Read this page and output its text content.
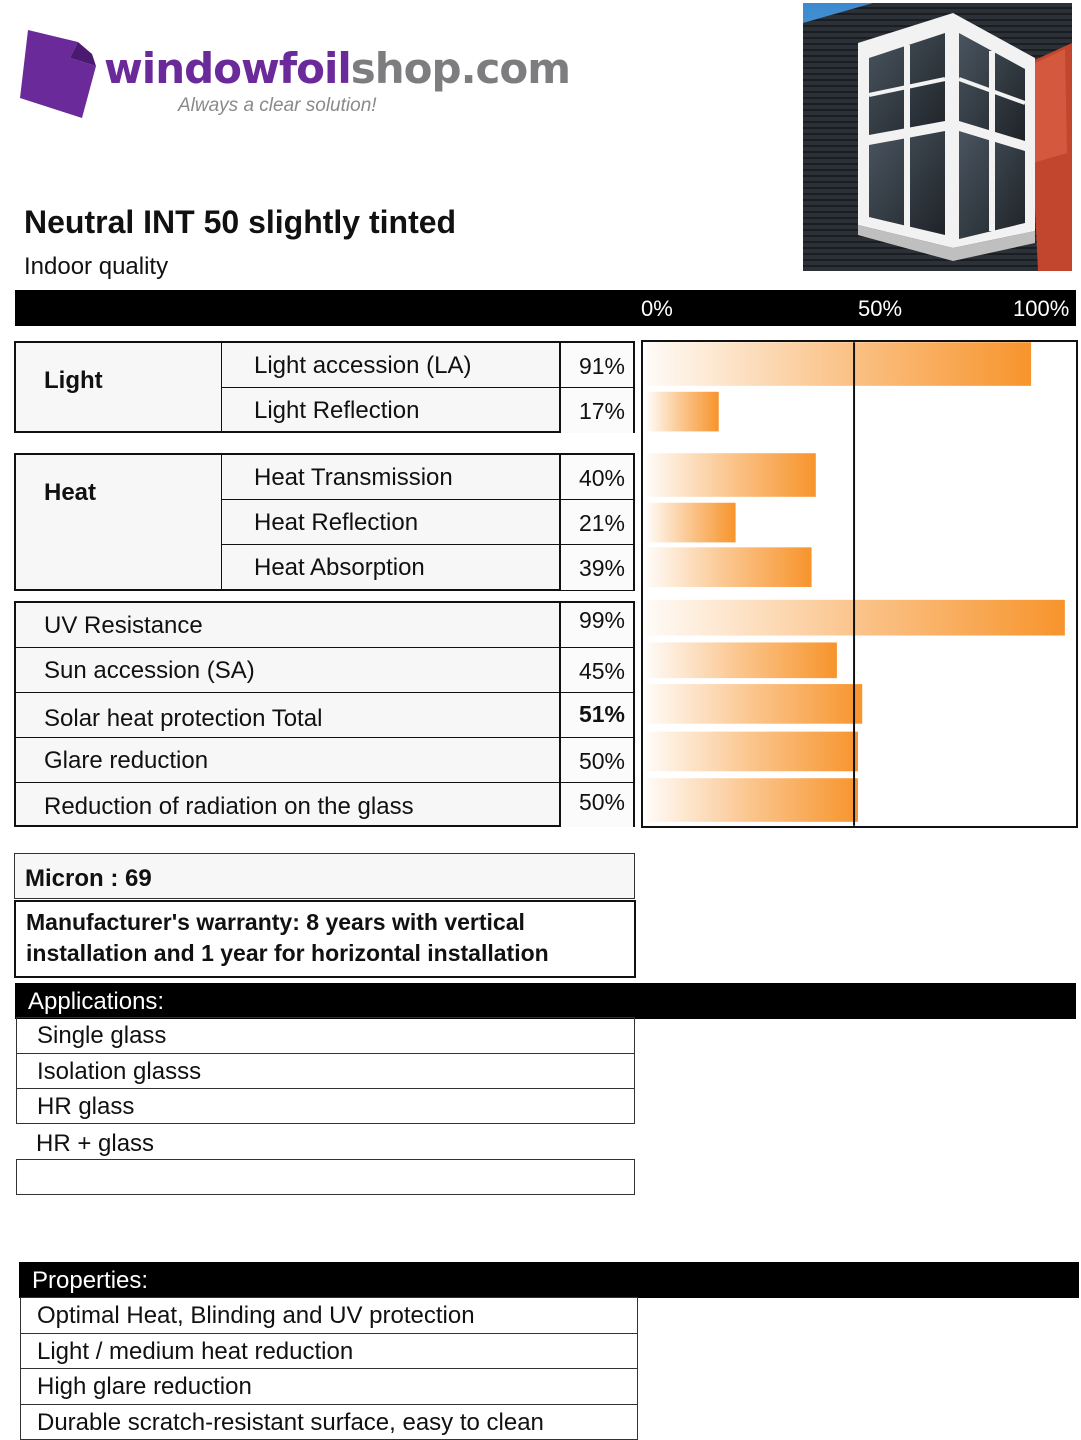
windowfoilshop.com
Always a clear solution!
Neutral INT 50 slightly tinted
Indoor quality
0%	50%	100%
Light
Light accession (LA)	91%
Light Reflection	17%
Heat
Heat Transmission	40%
Heat Reflection	21%
Heat Absorption	39%
UV Resistance	99%
Sun accession (SA)	45%
Solar heat protection Total	51%
Glare reduction	50%
Reduction of radiation on the glass	50%
Micron : 69
Manufacturer's warranty: 8 years with vertical installation and 1 year for horizontal installation
Applications:
Single glass
Isolation glasss
HR glass
HR + glass
Properties:
Optimal Heat, Blinding and UV protection
Light / medium heat reduction
High glare reduction
Durable scratch-resistant surface, easy to clean
